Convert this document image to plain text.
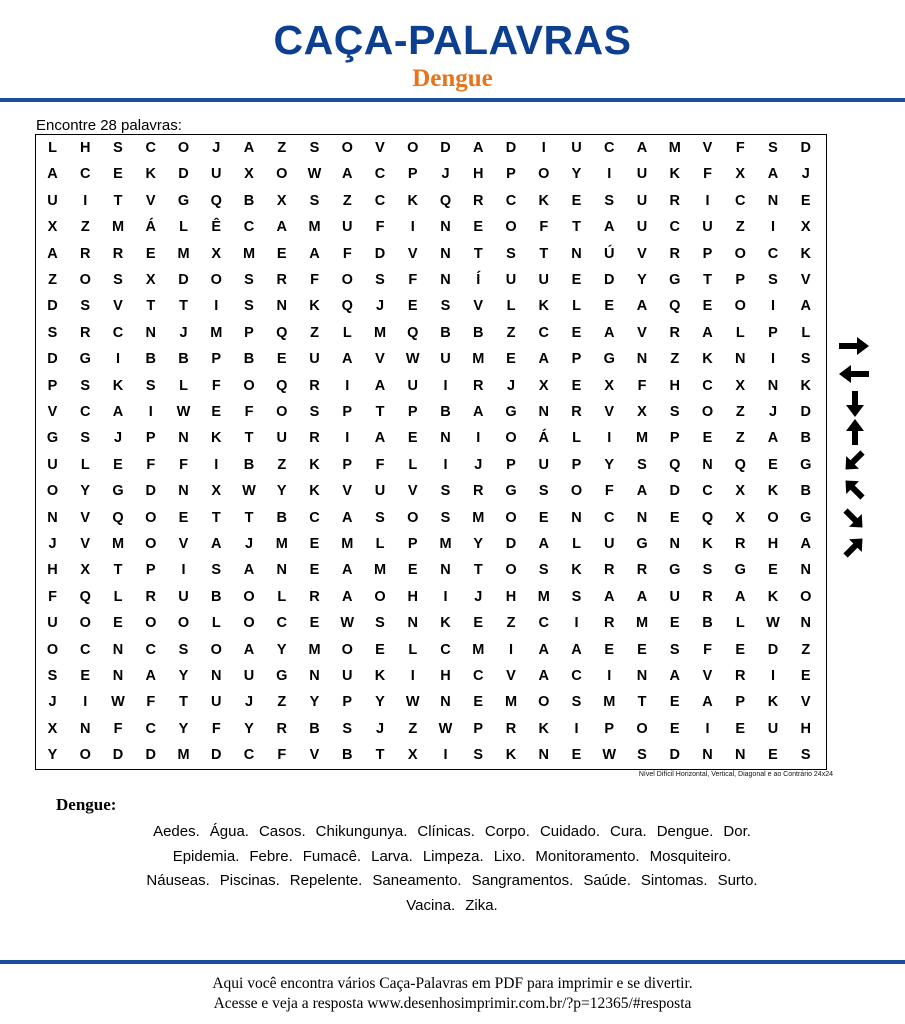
CAÇA-PALAVRAS
Dengue
Encontre 28 palavras:
L	H	S	C	O	J	A	Z	S	O	V	O	D	A	D	I	U	C	A	M	V	F	S	D
A	C	E	K	D	U	X	O	W	A	C	P	J	H	P	O	Y	I	U	K	F	X	A	J
U	I	T	V	G	Q	B	X	S	Z	C	K	Q	R	C	K	E	S	U	R	I	C	N	E
X	Z	M	Á	L	Ê	C	A	M	U	F	I	N	E	O	F	T	A	U	C	U	Z	I	X
A	R	R	E	M	X	M	E	A	F	D	V	N	T	S	T	N	Ú	V	R	P	O	C	K
Z	O	S	X	D	O	S	R	F	O	S	F	N	Í	U	U	E	D	Y	G	T	P	S	V
D	S	V	T	T	I	S	N	K	Q	J	E	S	V	L	K	L	E	A	Q	E	O	I	A
S	R	C	N	J	M	P	Q	Z	L	M	Q	B	B	Z	C	E	A	V	R	A	L	P	L
D	G	I	B	B	P	B	E	U	A	V	W	U	M	E	A	P	G	N	Z	K	N	I	S
P	S	K	S	L	F	O	Q	R	I	A	U	I	R	J	X	E	X	F	H	C	X	N	K
V	C	A	I	W	E	F	O	S	P	T	P	B	A	G	N	R	V	X	S	O	Z	J	D
G	S	J	P	N	K	T	U	R	I	A	E	N	I	O	Á	L	I	M	P	E	Z	A	B
U	L	E	F	F	I	B	Z	K	P	F	L	I	J	P	U	P	Y	S	Q	N	Q	E	G
O	Y	G	D	N	X	W	Y	K	V	U	V	S	R	G	S	O	F	A	D	C	X	K	B
N	V	Q	O	E	T	T	B	C	A	S	O	S	M	O	E	N	C	N	E	Q	X	O	G
J	V	M	O	V	A	J	M	E	M	L	P	M	Y	D	A	L	U	G	N	K	R	H	A
H	X	T	P	I	S	A	N	E	A	M	E	N	T	O	S	K	R	R	G	S	G	E	N
F	Q	L	R	U	B	O	L	R	A	O	H	I	J	H	M	S	A	A	U	R	A	K	O
U	O	E	O	O	L	O	C	E	W	S	N	K	E	Z	C	I	R	M	E	B	L	W	N
O	C	N	C	S	O	A	Y	M	O	E	L	C	M	I	A	A	E	E	S	F	E	D	Z
S	E	N	A	Y	N	U	G	N	U	K	I	H	C	V	A	C	I	N	A	V	R	I	E
J	I	W	F	T	U	J	Z	Y	P	Y	W	N	E	M	O	S	M	T	E	A	P	K	V
X	N	F	C	Y	F	Y	R	B	S	J	Z	W	P	R	K	I	P	O	E	I	E	U	H
Y	O	D	D	M	D	C	F	V	B	T	X	I	S	K	N	E	W	S	D	N	N	E	S
Nível Difícil Horizontal, Vertical, Diagonal e ao Contrário 24x24
Dengue:
Aedes. Água. Casos. Chikungunya. Clínicas. Corpo. Cuidado. Cura. Dengue. Dor.
Epidemia. Febre. Fumacê. Larva. Limpeza. Lixo. Monitoramento. Mosquiteiro.
Náuseas. Piscinas. Repelente. Saneamento. Sangramentos. Saúde. Sintomas. Surto.
Vacina. Zika.
Aqui você encontra vários Caça-Palavras em PDF para imprimir e se divertir.
Acesse e veja a resposta www.desenhosimprimir.com.br/?p=12365/#resposta
